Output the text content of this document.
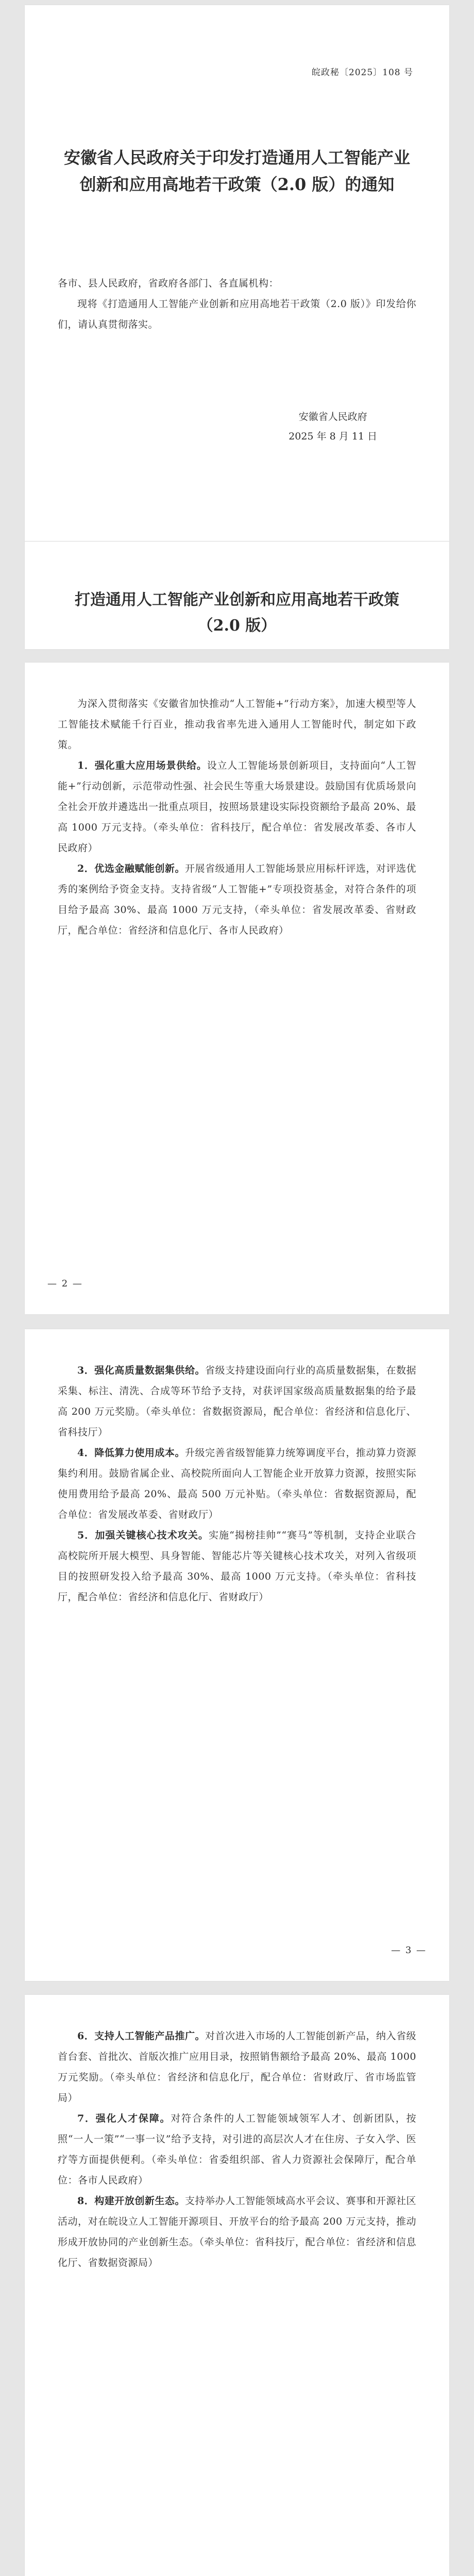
皖政秘〔2025〕108 号

安徽省人民政府关于印发打造通用人工智能产业创新和应用高地若干政策（2.0 版）的通知

各市、县人民政府，省政府各部门、各直属机构：

现将《打造通用人工智能产业创新和应用高地若干政策（2.0 版）》印发给你们，请认真贯彻落实。

安徽省人民政府

2025 年 8 月 11 日

打造通用人工智能产业创新和应用高地若干政策（2.0 版）

为深入贯彻落实《安徽省加快推动“人工智能+”行动方案》，加速大模型等人工智能技术赋能千行百业，推动我省率先进入通用人工智能时代，制定如下政策。

1．强化重大应用场景供给。设立人工智能场景创新项目，支持面向“人工智能+”行动创新，示范带动性强、社会民生等重大场景建设。鼓励国有优质场景向全社会开放并遴选出一批重点项目，按照场景建设实际投资额给予最高 20%、最高 1000 万元支持。（牵头单位：省科技厅，配合单位：省发展改革委、各市人民政府）

2．优选金融赋能创新。开展省级通用人工智能场景应用标杆评选，对评选优秀的案例给予资金支持。支持省级“人工智能+”专项投资基金，对符合条件的项目给予最高 30%、最高 1000 万元支持，（牵头单位：省发展改革委、省财政厅，配合单位：省经济和信息化厅、各市人民政府）

— 2 —

3．强化高质量数据集供给。省级支持建设面向行业的高质量数据集，在数据采集、标注、清洗、合成等环节给予支持，对获评国家级高质量数据集的给予最高 200 万元奖励。（牵头单位：省数据资源局，配合单位：省经济和信息化厅、省科技厅）

4．降低算力使用成本。升级完善省级智能算力统筹调度平台，推动算力资源集约利用。鼓励省属企业、高校院所面向人工智能企业开放算力资源，按照实际使用费用给予最高 20%、最高 500 万元补贴。（牵头单位：省数据资源局，配合单位：省发展改革委、省财政厅）

5．加强关键核心技术攻关。实施“揭榜挂帅”“赛马”等机制，支持企业联合高校院所开展大模型、具身智能、智能芯片等关键核心技术攻关，对列入省级项目的按照研发投入给予最高 30%、最高 1000 万元支持。（牵头单位：省科技厅，配合单位：省经济和信息化厅、省财政厅）

— 3 —

6．支持人工智能产品推广。对首次进入市场的人工智能创新产品，纳入省级首台套、首批次、首版次推广应用目录，按照销售额给予最高 20%、最高 1000 万元奖励。（牵头单位：省经济和信息化厅，配合单位：省财政厅、省市场监管局）

7．强化人才保障。对符合条件的人工智能领域领军人才、创新团队，按照“一人一策”“一事一议”给予支持，对引进的高层次人才在住房、子女入学、医疗等方面提供便利。（牵头单位：省委组织部、省人力资源社会保障厅，配合单位：各市人民政府）

8．构建开放创新生态。支持举办人工智能领域高水平会议、赛事和开源社区活动，对在皖设立人工智能开源项目、开放平台的给予最高 200 万元支持，推动形成开放协同的产业创新生态。（牵头单位：省科技厅，配合单位：省经济和信息化厅、省数据资源局）
